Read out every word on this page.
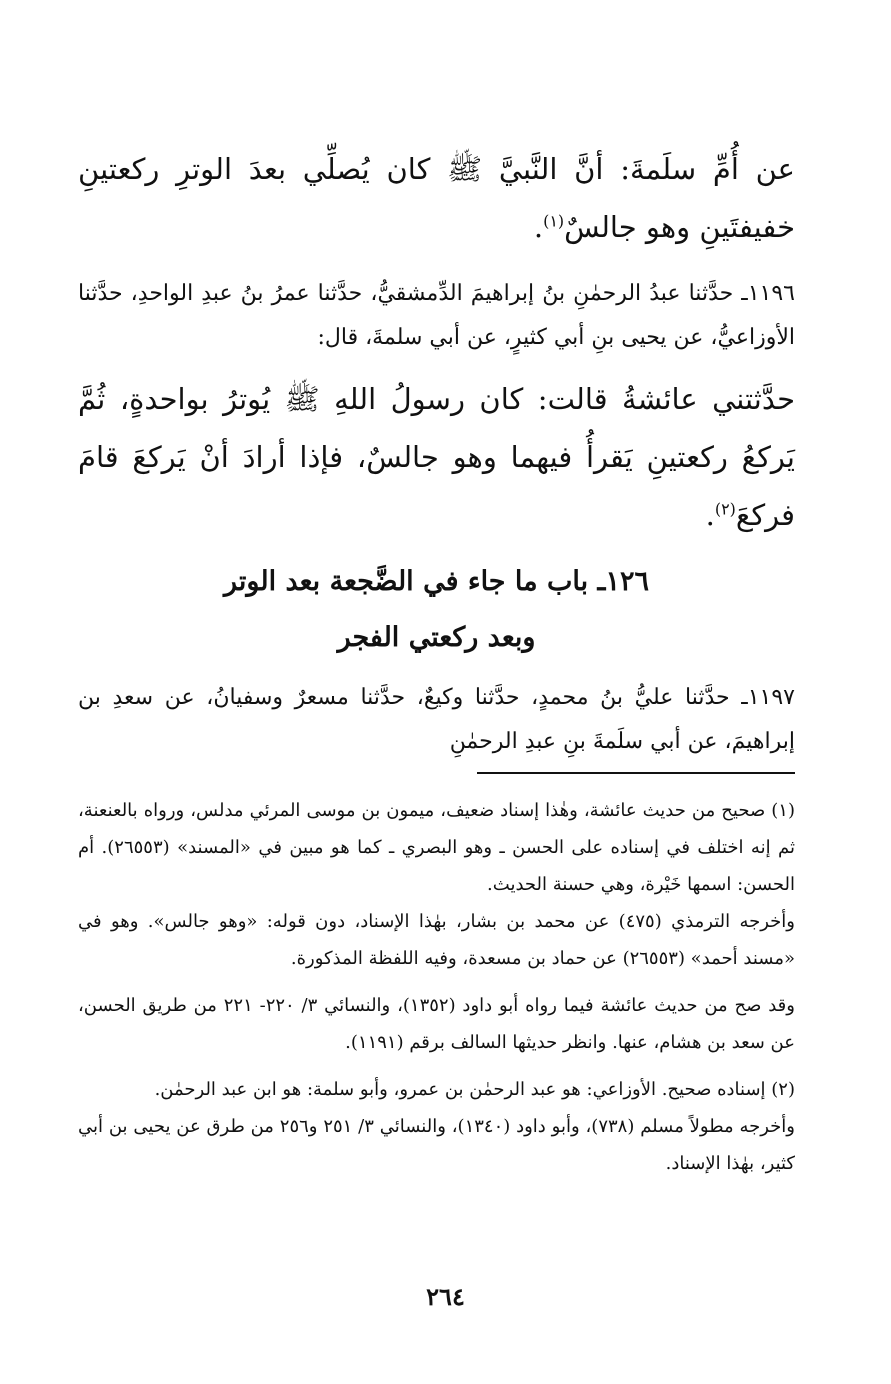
عن أُمِّ سلَمةَ: أنَّ النَّبيَّ ﷺ كان يُصلِّي بعدَ الوترِ ركعتينِ خفيفتَينِ وهو جالسٌ$^{(١)}$.

١١٩٦ـ حدَّثنا عبدُ الرحمٰنِ بنُ إبراهيمَ الدِّمشقيُّ، حدَّثنا عمرُ بنُ عبدِ الواحدِ، حدَّثنا الأوزاعيُّ، عن يحيى بنِ أبي كثيرٍ، عن أبي سلمةَ، قال:

حدَّثتني عائشةُ قالت: كان رسولُ اللهِ ﷺ يُوترُ بواحدةٍ، ثُمَّ يَركعُ ركعتينِ يَقرأُ فيهما وهو جالسٌ، فإذا أرادَ أنْ يَركعَ قامَ فركعَ$^{(٢)}$.

١٢٦ـ باب ما جاء في الضَّجعة بعد الوتر
وبعد ركعتي الفجر

١١٩٧ـ حدَّثنا عليُّ بنُ محمدٍ، حدَّثنا وكيعٌ، حدَّثنا مسعرٌ وسفيانُ، عن سعدِ بن إبراهيمَ، عن أبي سلَمةَ بنِ عبدِ الرحمٰنِ

(١) صحيح من حديث عائشة، وهٰذا إسناد ضعيف، ميمون بن موسى المرئي مدلس، ورواه بالعنعنة، ثم إنه اختلف في إسناده على الحسن ـ وهو البصري ـ كما هو مبين في «المسند» (٢٦٥٥٣). أم الحسن: اسمها خَيْرة، وهي حسنة الحديث.

وأخرجه الترمذي (٤٧٥) عن محمد بن بشار، بهٰذا الإسناد، دون قوله: «وهو جالس». وهو في «مسند أحمد» (٢٦٥٥٣) عن حماد بن مسعدة، وفيه اللفظة المذكورة.

وقد صح من حديث عائشة فيما رواه أبو داود (١٣٥٢)، والنسائي ٣/ ٢٢٠- ٢٢١ من طريق الحسن، عن سعد بن هشام، عنها. وانظر حديثها السالف برقم (١١٩١).

(٢) إسناده صحيح. الأوزاعي: هو عبد الرحمٰن بن عمرو، وأبو سلمة: هو ابن عبد الرحمٰن.

وأخرجه مطولاً مسلم (٧٣٨)، وأبو داود (١٣٤٠)، والنسائي ٣/ ٢٥١ و٢٥٦ من طرق عن يحيى بن أبي كثير، بهٰذا الإسناد.

٢٦٤
